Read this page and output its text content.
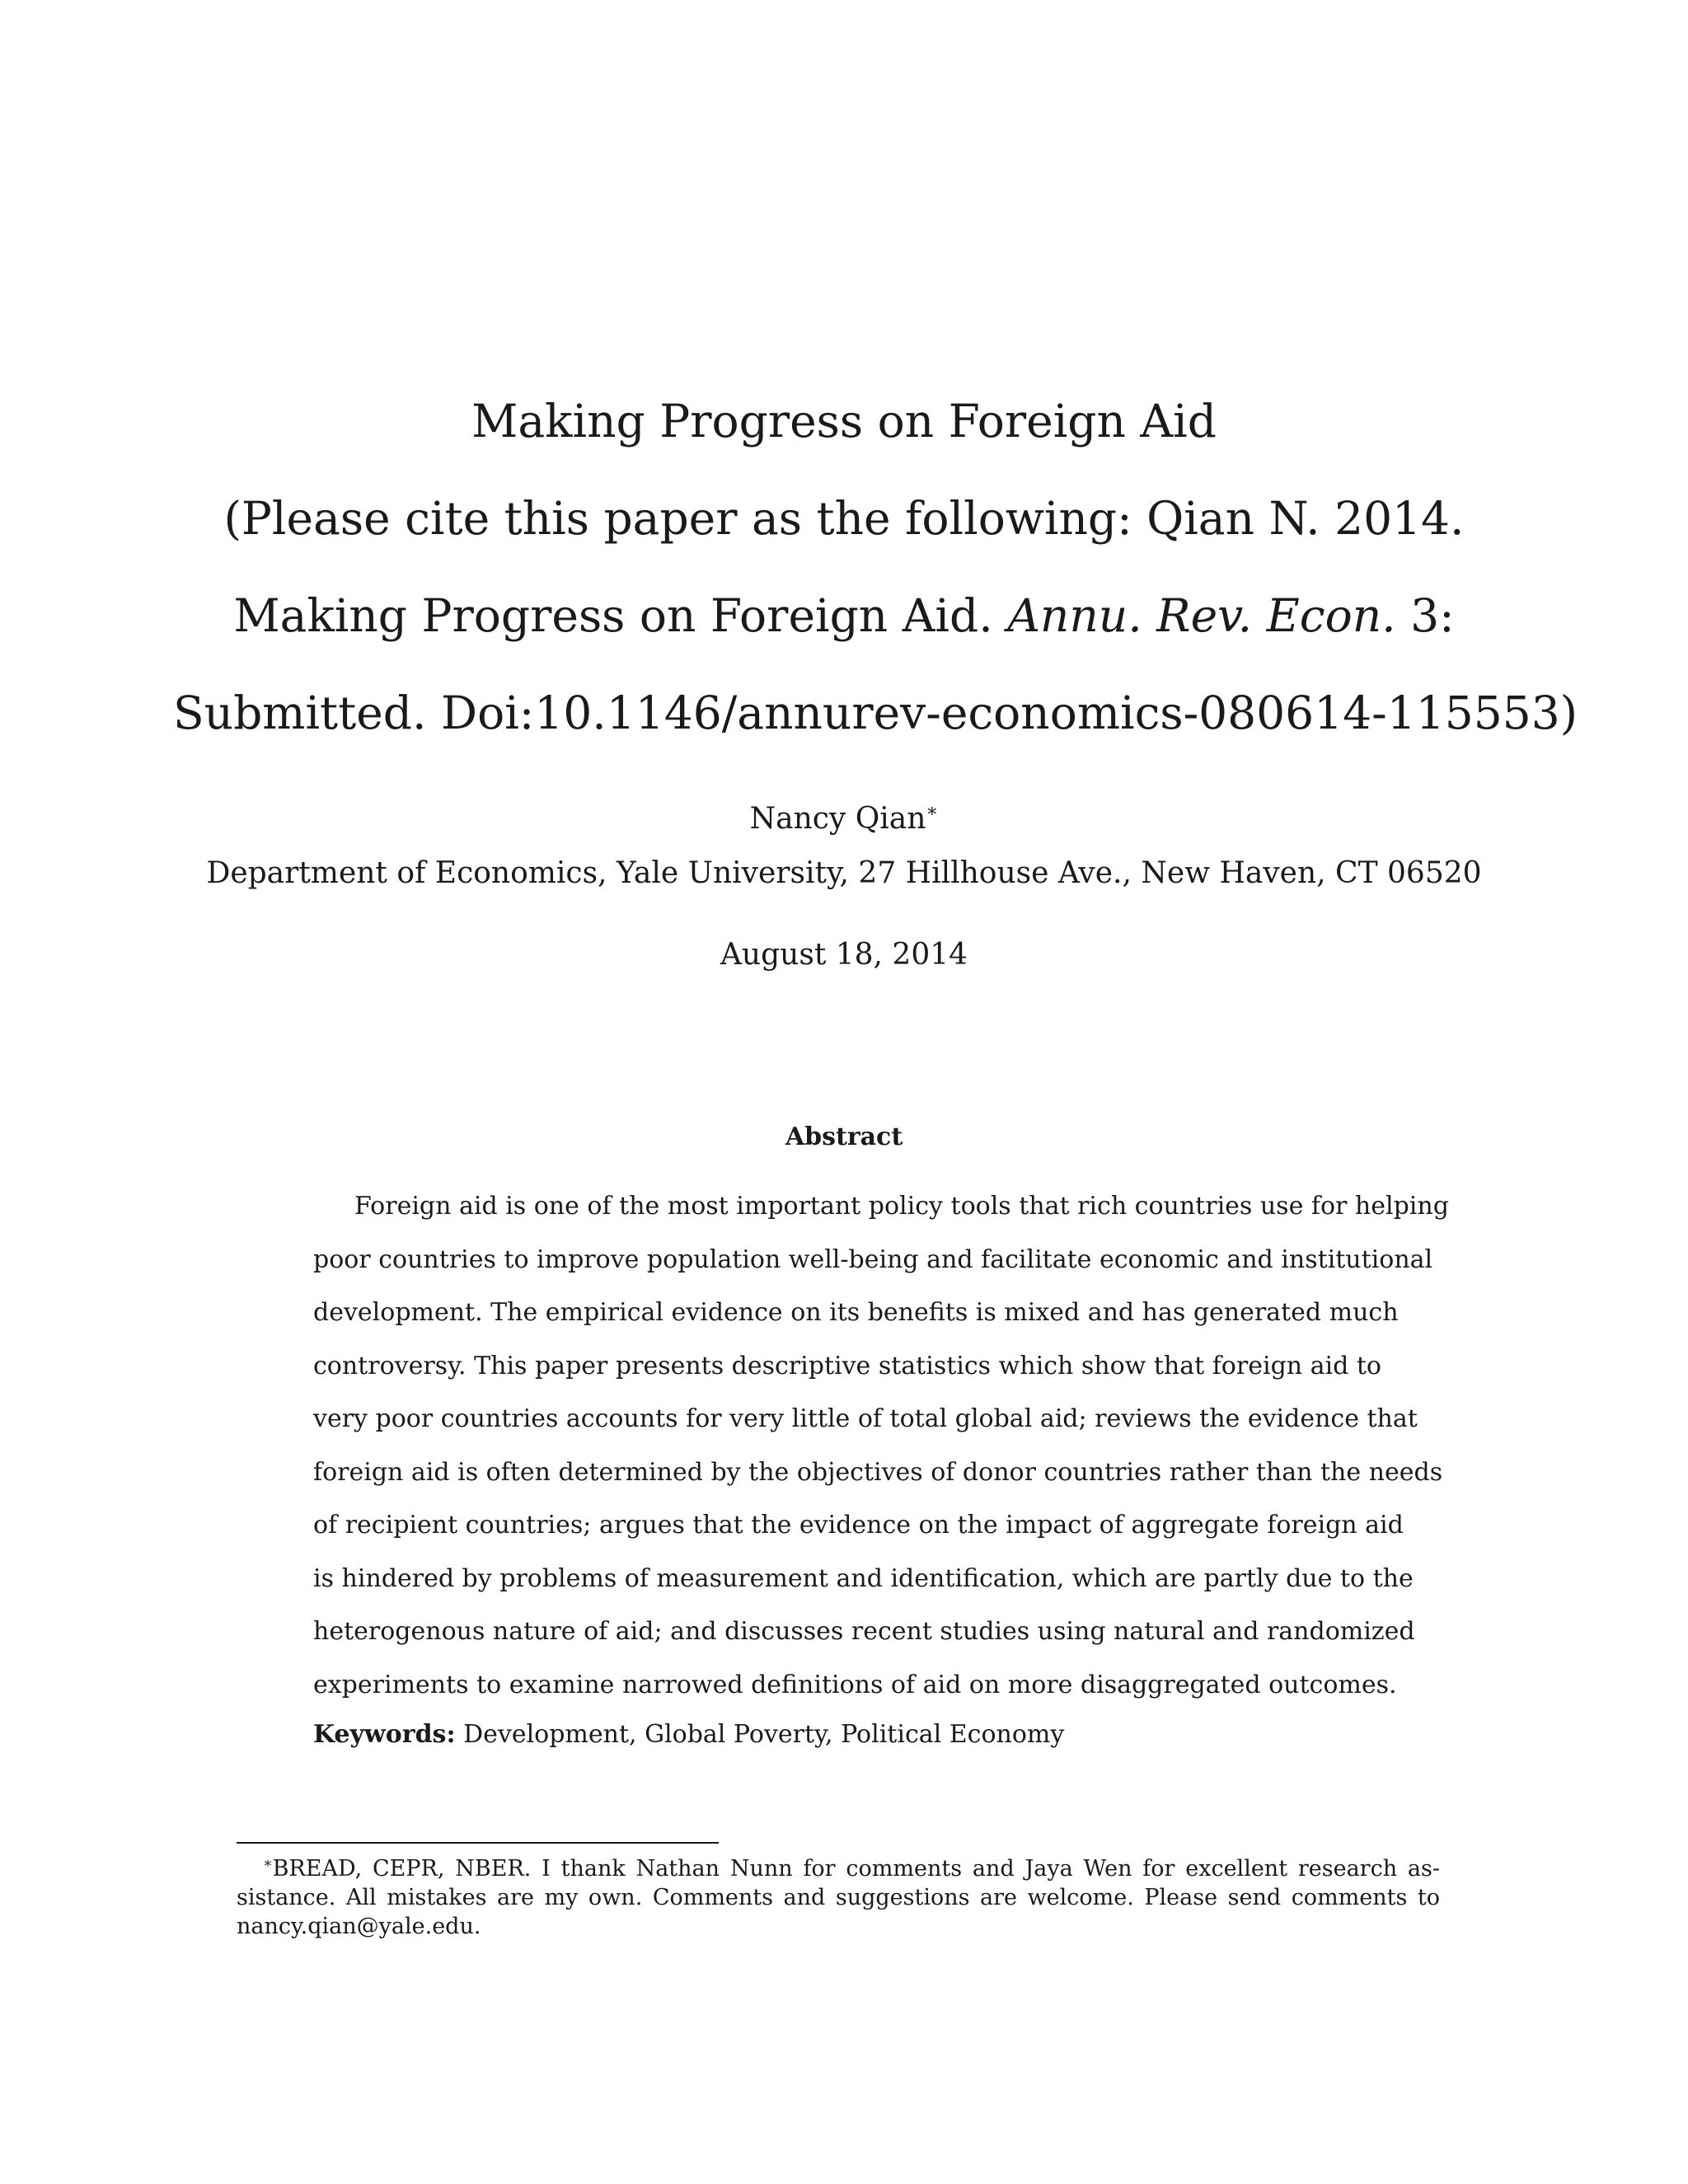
Making Progress on Foreign Aid
(Please cite this paper as the following: Qian N. 2014.
Making Progress on Foreign Aid. Annu. Rev. Econ. 3:
Submitted. Doi:10.1146/annurev-economics-080614-115553)
Nancy Qian∗
Department of Economics, Yale University, 27 Hillhouse Ave., New Haven, CT 06520
August 18, 2014
Abstract
Foreign aid is one of the most important policy tools that rich countries use for helping
poor countries to improve population well-being and facilitate economic and institutional
development. The empirical evidence on its benefits is mixed and has generated much
controversy. This paper presents descriptive statistics which show that foreign aid to
very poor countries accounts for very little of total global aid; reviews the evidence that
foreign aid is often determined by the objectives of donor countries rather than the needs
of recipient countries; argues that the evidence on the impact of aggregate foreign aid
is hindered by problems of measurement and identification, which are partly due to the
heterogenous nature of aid; and discusses recent studies using natural and randomized
experiments to examine narrowed definitions of aid on more disaggregated outcomes.
Keywords: Development, Global Poverty, Political Economy
∗BREAD, CEPR, NBER. I thank Nathan Nunn for comments and Jaya Wen for excellent research as-
sistance. All mistakes are my own. Comments and suggestions are welcome. Please send comments to
nancy.qian@yale.edu.
